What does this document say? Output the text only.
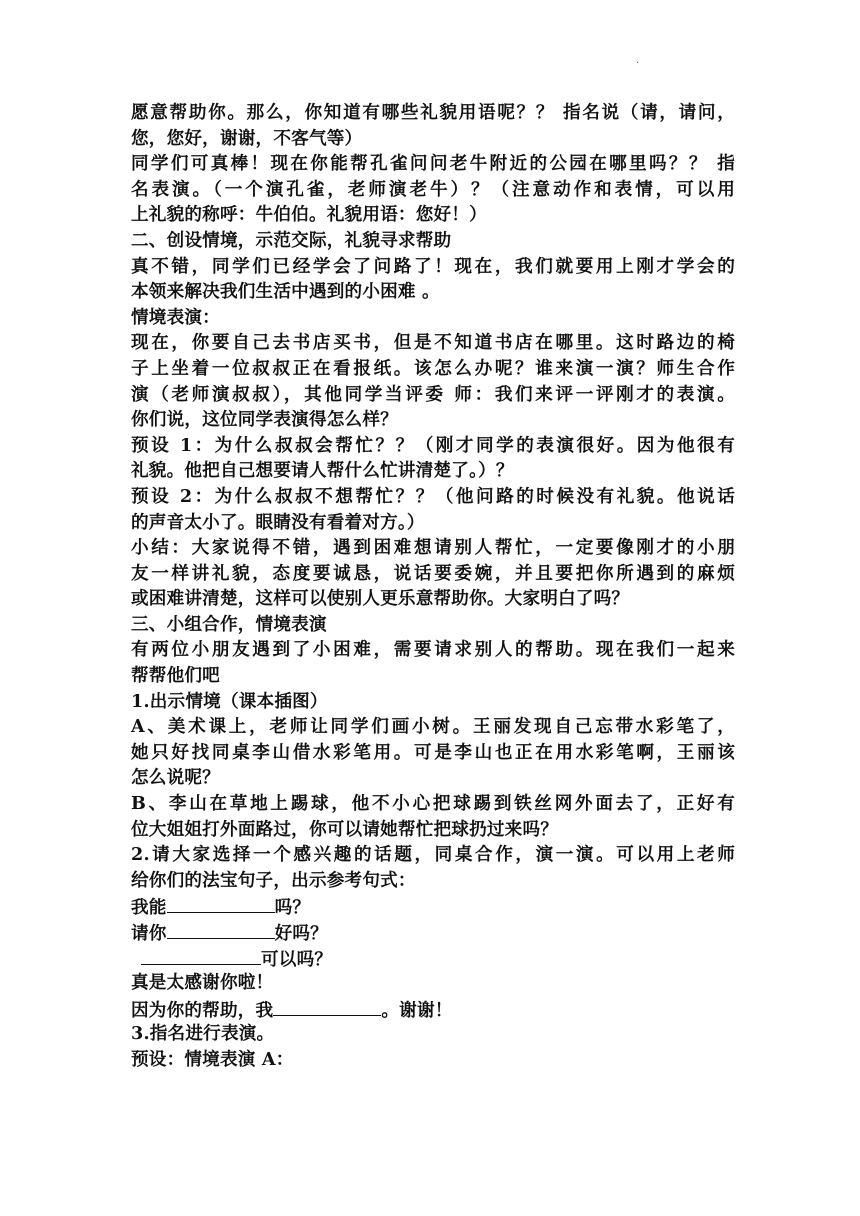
·
愿意帮助你。那么，你知道有哪些礼貌用语呢？？ 指名说（请，请问，
您，您好，谢谢，不客气等）
同学们可真棒！现在你能帮孔雀问问老牛附近的公园在哪里吗？？ 指
名表演。（一个演孔雀，老师演老牛）？（注意动作和表情，可以用
上礼貌的称呼：牛伯伯。礼貌用语：您好！）
二、创设情境，示范交际，礼貌寻求帮助
真不错，同学们已经学会了问路了！现在，我们就要用上刚才学会的
本领来解决我们生活中遇到的小困难 。
情境表演：
现在，你要自己去书店买书，但是不知道书店在哪里。这时路边的椅
子上坐着一位叔叔正在看报纸。该怎么办呢？谁来演一演？师生合作
演（老师演叔叔），其他同学当评委 师：我们来评一评刚才的表演。
你们说，这位同学表演得怎么样？
预设 1：为什么叔叔会帮忙？？（刚才同学的表演很好。因为他很有
礼貌。他把自己想要请人帮什么忙讲清楚了。）？
预设 2：为什么叔叔不想帮忙？？（他问路的时候没有礼貌。他说话
的声音太小了。眼睛没有看着对方。）
小结：大家说得不错，遇到困难想请别人帮忙，一定要像刚才的小朋
友一样讲礼貌，态度要诚恳，说话要委婉，并且要把你所遇到的麻烦
或困难讲清楚，这样可以使别人更乐意帮助你。大家明白了吗？
三、小组合作，情境表演
有两位小朋友遇到了小困难，需要请求别人的帮助。现在我们一起来
帮帮他们吧
1.出示情境（课本插图）
A、美术课上，老师让同学们画小树。王丽发现自己忘带水彩笔了，
她只好找同桌李山借水彩笔用。可是李山也正在用水彩笔啊，王丽该
怎么说呢？
B、李山在草地上踢球，他不小心把球踢到铁丝网外面去了，正好有
位大姐姐打外面路过，你可以请她帮忙把球扔过来吗？
2.请大家选择一个感兴趣的话题，同桌合作，演一演。可以用上老师
给你们的法宝句子，出示参考句式：
我能	吗？
请你	好吗？
可以吗？
真是太感谢你啦！
因为你的帮助，我	。谢谢！
3.指名进行表演。
预设：情境表演 A：
